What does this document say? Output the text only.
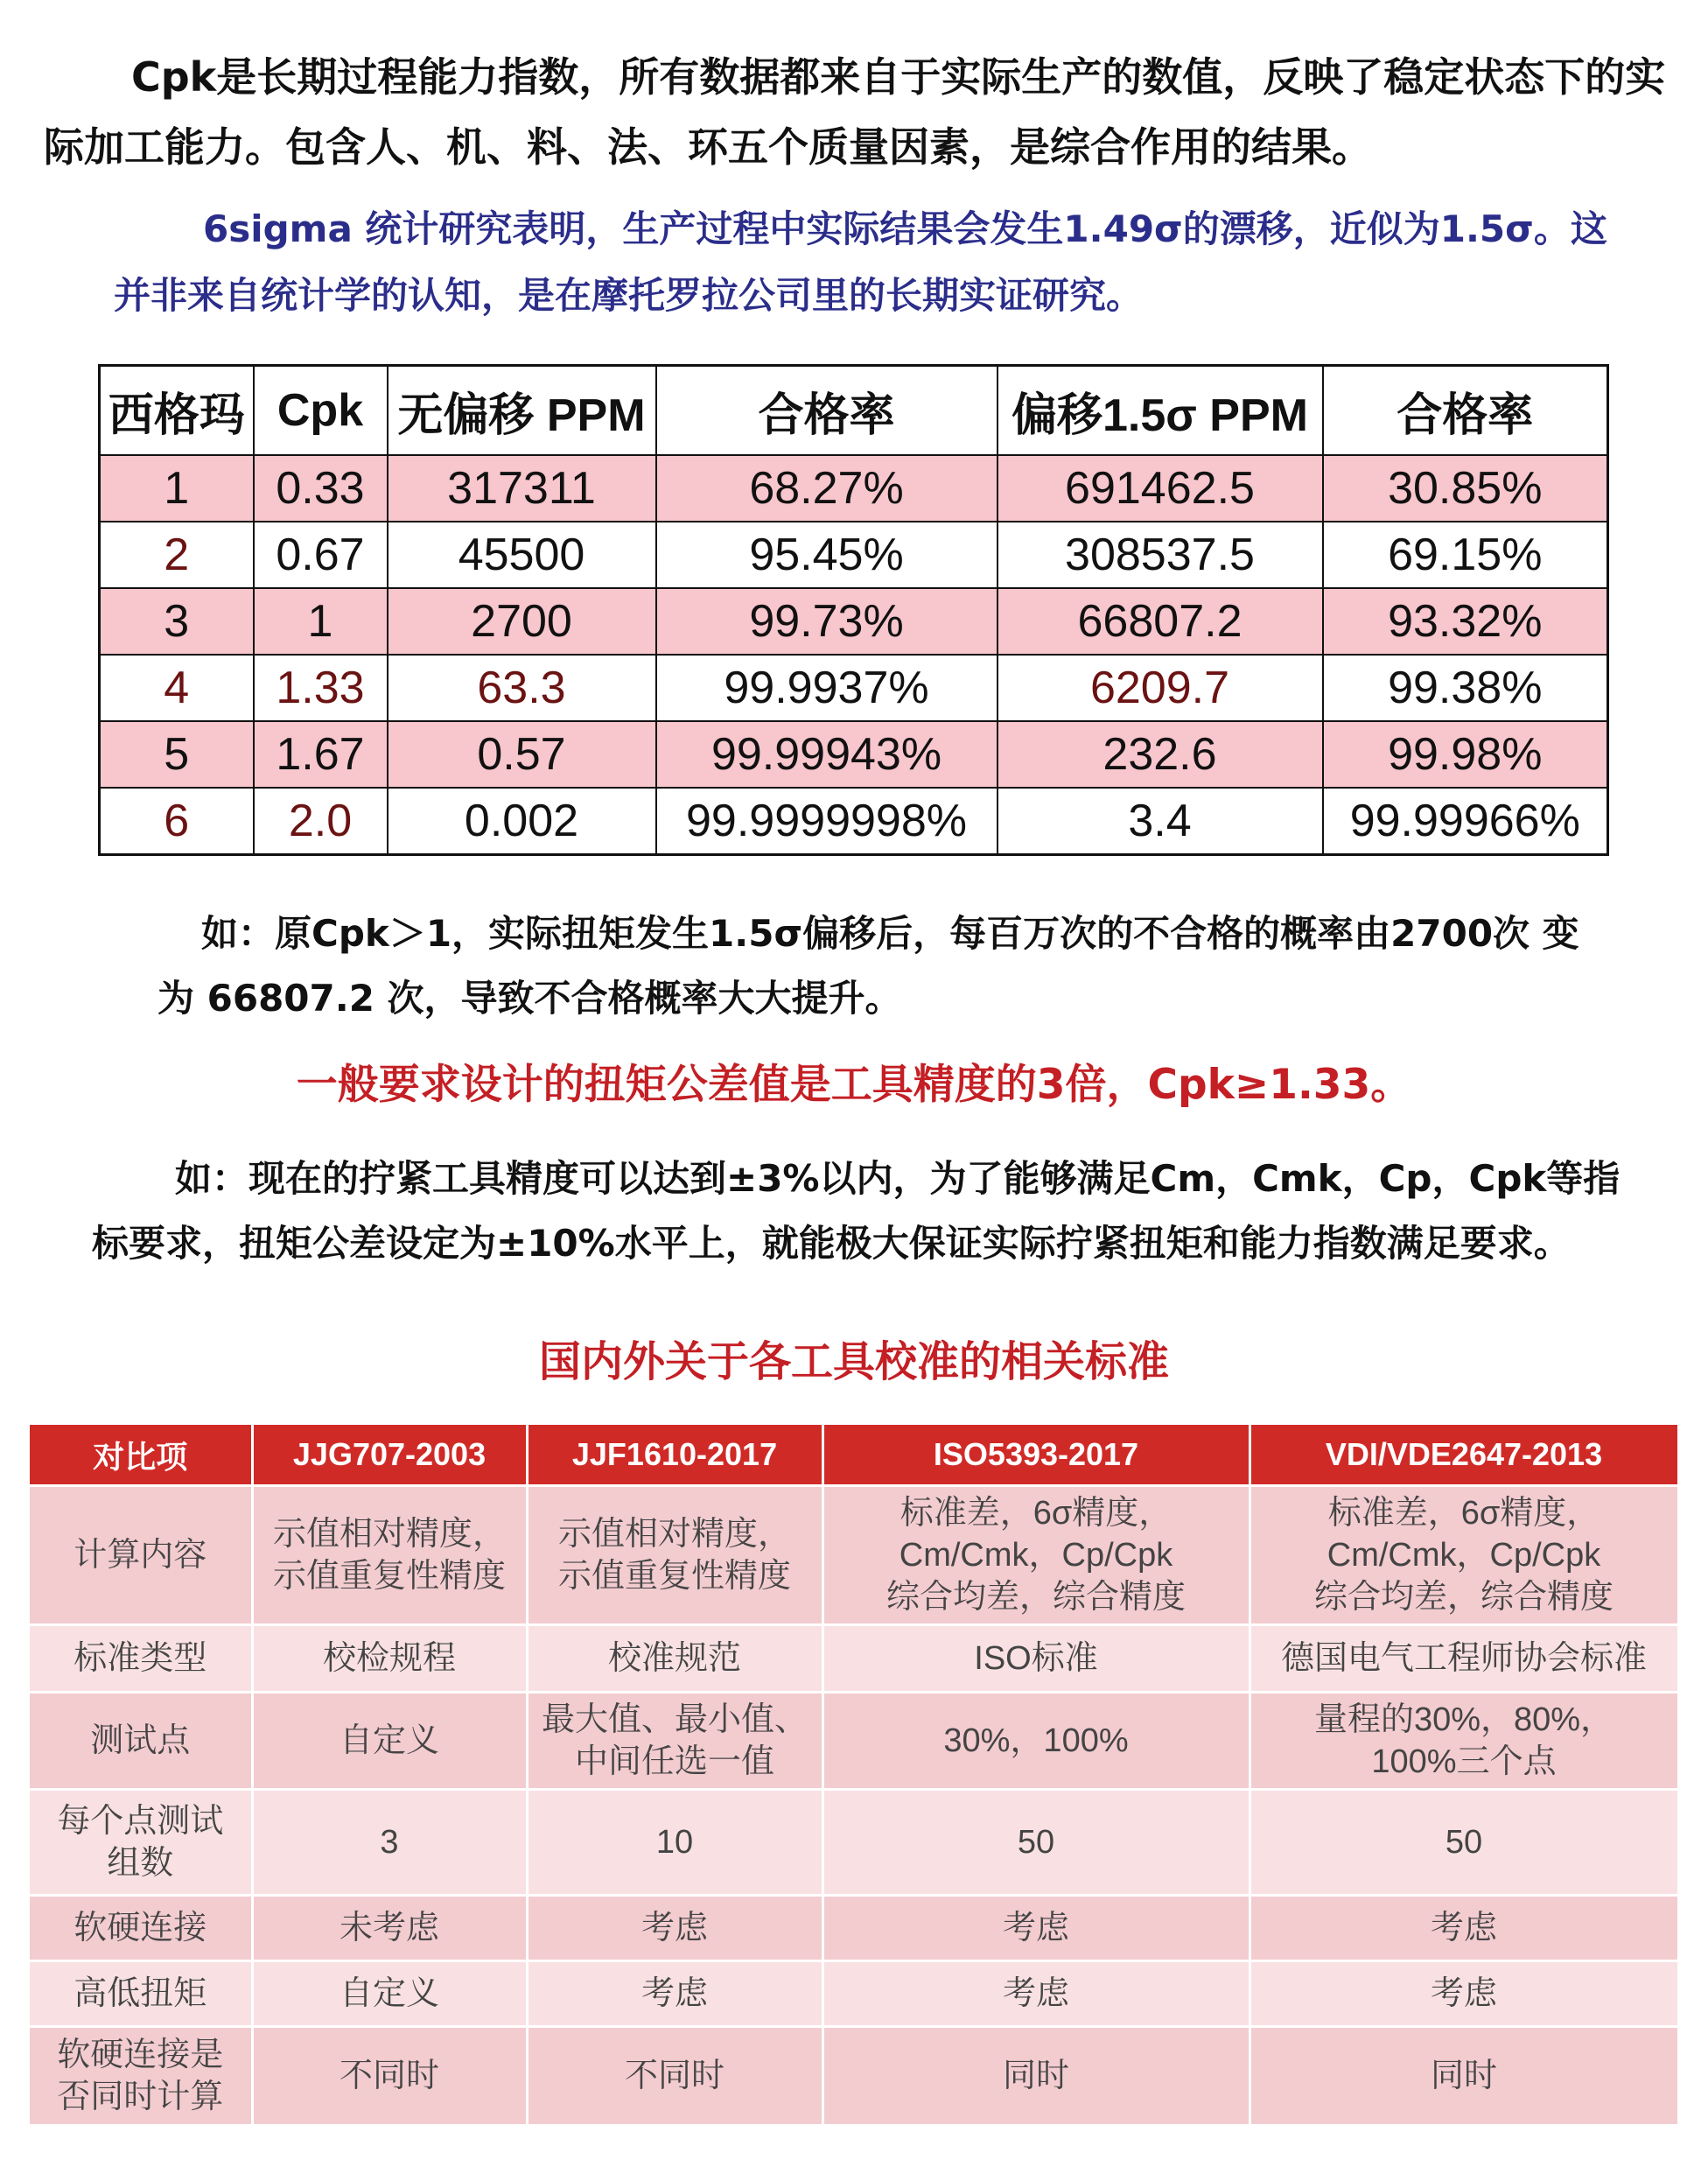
Cpk是长期过程能力指数，所有数据都来自于实际生产的数值，反映了稳定状态下的实际加工能力。包含人、机、料、法、环五个质量因素，是综合作用的结果。

6sigma 统计研究表明，生产过程中实际结果会发生1.49σ的漂移，近似为1.5σ。这并非来自统计学的认知，是在摩托罗拉公司里的长期实证研究。

西格玛	Cpk	无偏移 PPM	合格率	偏移1.5σ PPM	合格率
1	0.33	317311	68.27%	691462.5	30.85%
2	0.67	45500	95.45%	308537.5	69.15%
3	1	2700	99.73%	66807.2	93.32%
4	1.33	63.3	99.9937%	6209.7	99.38%
5	1.67	0.57	99.99943%	232.6	99.98%
6	2.0	0.002	99.9999998%	3.4	99.99966%

如：原Cpk＞1，实际扭矩发生1.5σ偏移后，每百万次的不合格的概率由2700次 变为 66807.2 次，导致不合格概率大大提升。

一般要求设计的扭矩公差值是工具精度的3倍，Cpk≥1.33。

如：现在的拧紧工具精度可以达到±3%以内，为了能够满足Cm，Cmk，Cp，Cpk等指标要求，扭矩公差设定为±10%水平上，就能极大保证实际拧紧扭矩和能力指数满足要求。

国内外关于各工具校准的相关标准

对比项	JJG707-2003	JJF1610-2017	ISO5393-2017	VDI/VDE2647-2013

计算内容	示值相对精度，
示值重复性精度	示值相对精度，
示值重复性精度	标准差，6σ精度，
Cm/Cmk，Cp/Cpk
综合均差，综合精度	标准差，6σ精度，
Cm/Cmk，Cp/Cpk
综合均差，综合精度

标准类型	校检规程	校准规范	ISO标准	德国电气工程师协会标准

测试点	自定义	最大值、最小值、
中间任选一值	30%，100%	量程的30%，80%，
100%三个点

每个点测试
组数	3	10	50	50

软硬连接	未考虑	考虑	考虑	考虑

高低扭矩	自定义	考虑	考虑	考虑

软硬连接是
否同时计算	不同时	不同时	同时	同时
